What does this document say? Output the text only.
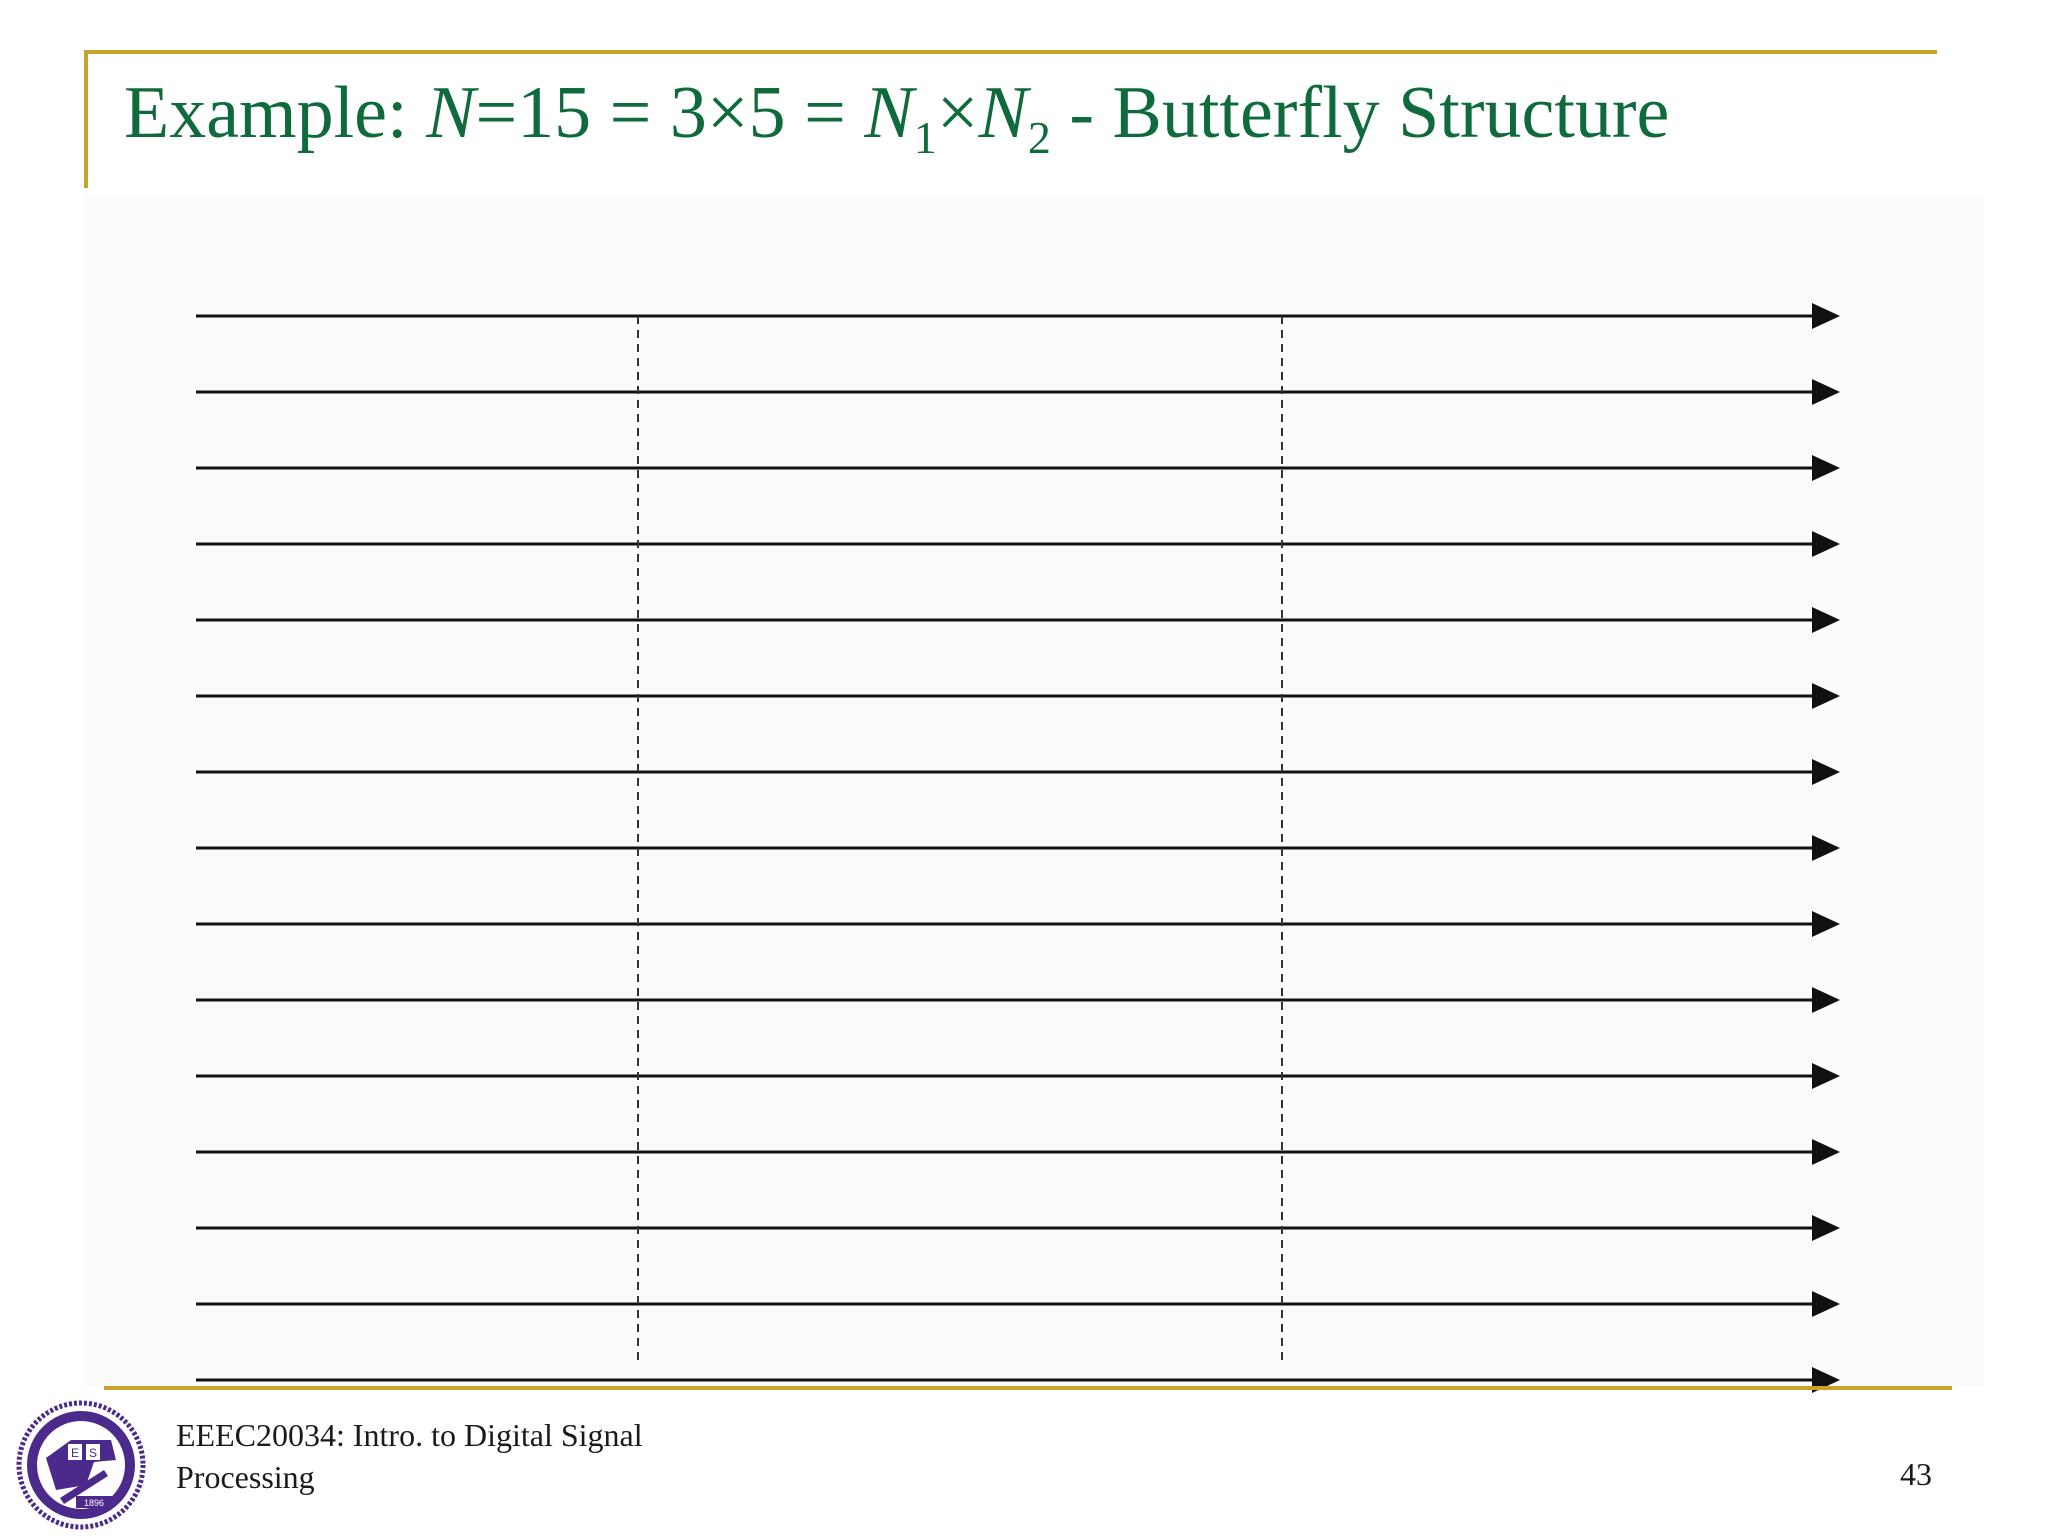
Example: $N=15 = 3\times 5 = N_1\times N_2$ - Butterfly Structure
E S
1896
EEEC20034: Intro. to Digital Signal
Processing	43
